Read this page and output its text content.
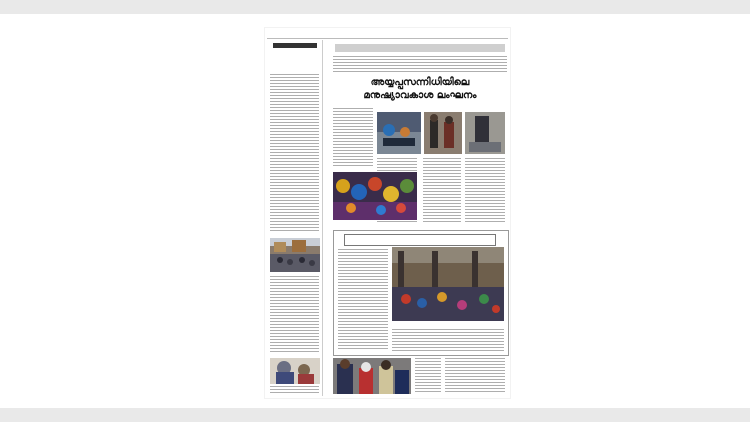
അയ്യപ്പസന്നിധിയിലെ
മനുഷ്യാവകാശ ലംഘനം
